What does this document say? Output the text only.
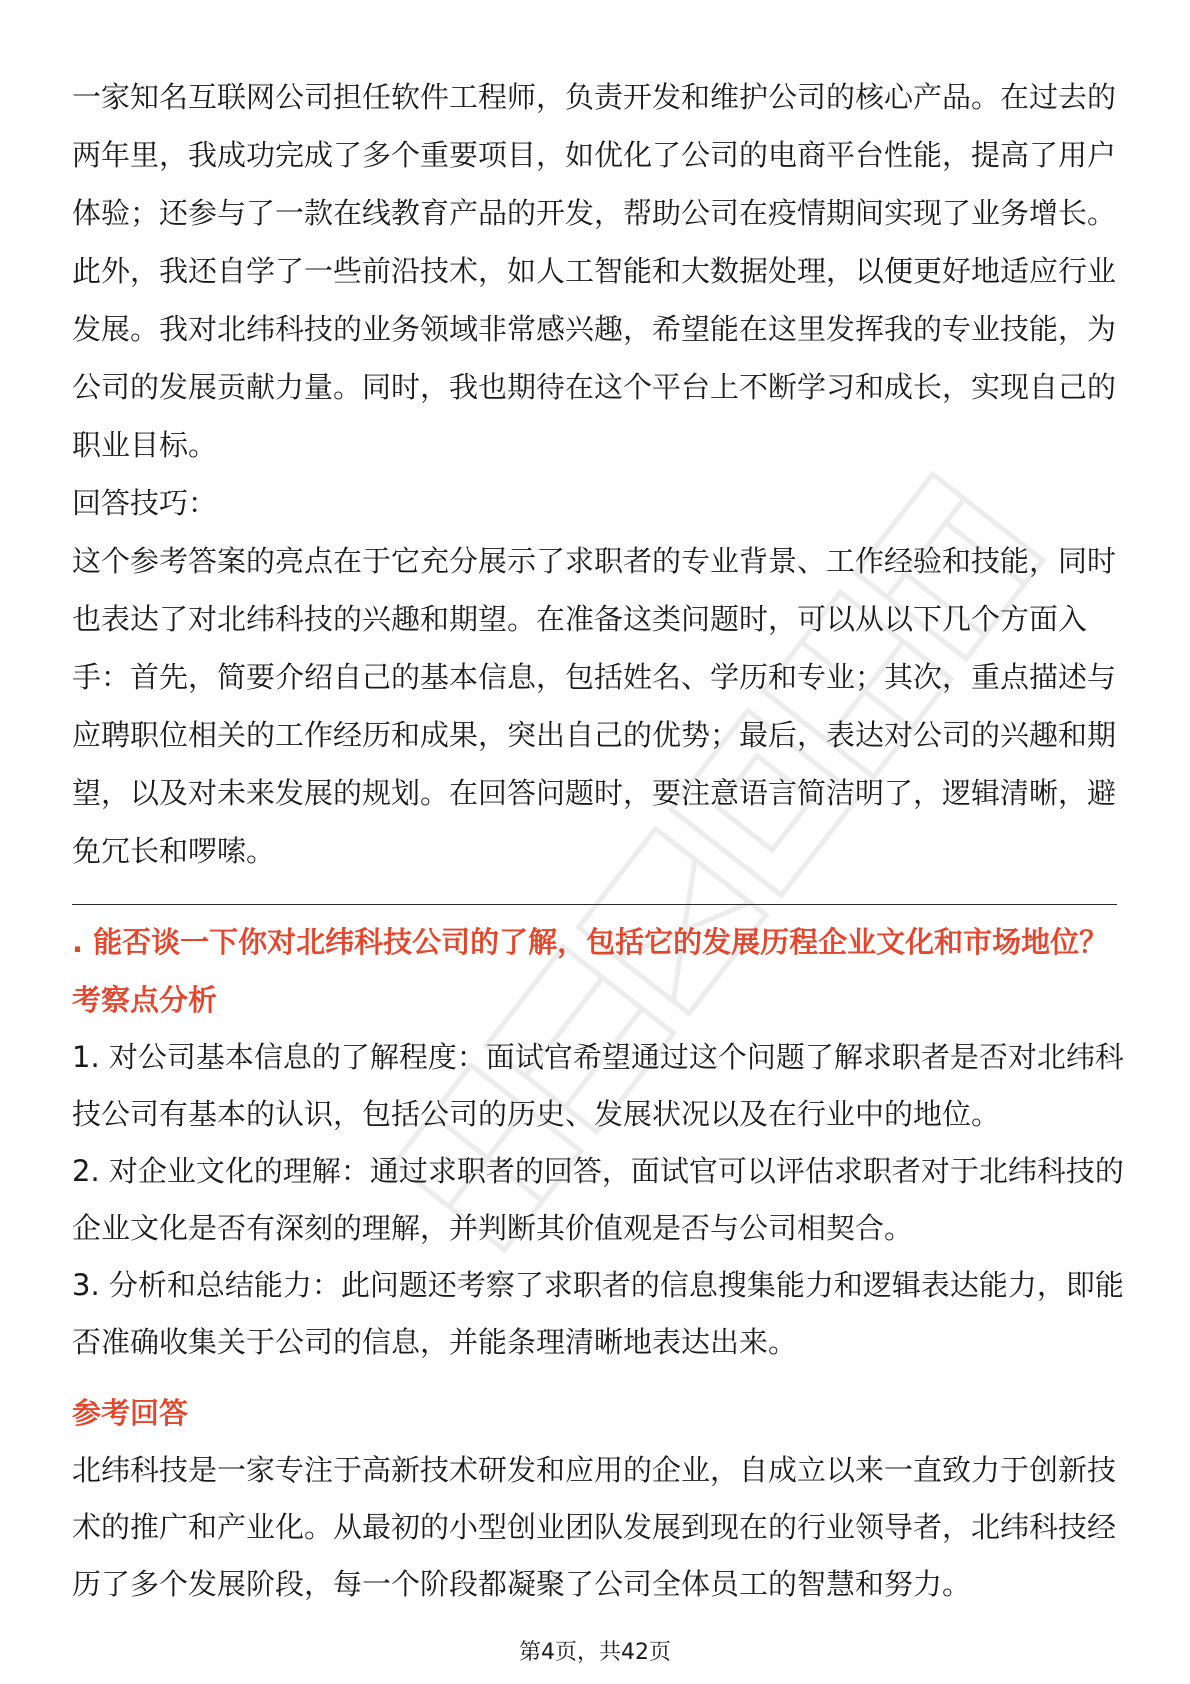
一家知名互联网公司担任软件工程师，负责开发和维护公司的核心产品。在过去的
两年里，我成功完成了多个重要项目，如优化了公司的电商平台性能，提高了用户
体验；还参与了一款在线教育产品的开发，帮助公司在疫情期间实现了业务增长。
此外，我还自学了一些前沿技术，如人工智能和大数据处理，以便更好地适应行业
发展。我对北纬科技的业务领域非常感兴趣，希望能在这里发挥我的专业技能，为
公司的发展贡献力量。同时，我也期待在这个平台上不断学习和成长，实现自己的
职业目标。
回答技巧：
这个参考答案的亮点在于它充分展示了求职者的专业背景、工作经验和技能，同时
也表达了对北纬科技的兴趣和期望。在准备这类问题时，可以从以下几个方面入
手：首先，简要介绍自己的基本信息，包括姓名、学历和专业；其次，重点描述与
应聘职位相关的工作经历和成果，突出自己的优势；最后，表达对公司的兴趣和期
望，以及对未来发展的规划。在回答问题时，要注意语言简洁明了，逻辑清晰，避
免冗长和啰嗦。
. 能否谈一下你对北纬科技公司的了解，包括它的发展历程企业文化和市场地位？
考察点分析
1. 对公司基本信息的了解程度：面试官希望通过这个问题了解求职者是否对北纬科
技公司有基本的认识，包括公司的历史、发展状况以及在行业中的地位。
2. 对企业文化的理解：通过求职者的回答，面试官可以评估求职者对于北纬科技的
企业文化是否有深刻的理解，并判断其价值观是否与公司相契合。
3. 分析和总结能力：此问题还考察了求职者的信息搜集能力和逻辑表达能力，即能
否准确收集关于公司的信息，并能条理清晰地表达出来。
参考回答
北纬科技是一家专注于高新技术研发和应用的企业，自成立以来一直致力于创新技
术的推广和产业化。从最初的小型创业团队发展到现在的行业领导者，北纬科技经
历了多个发展阶段，每一个阶段都凝聚了公司全体员工的智慧和努力。
第4页，共42页
